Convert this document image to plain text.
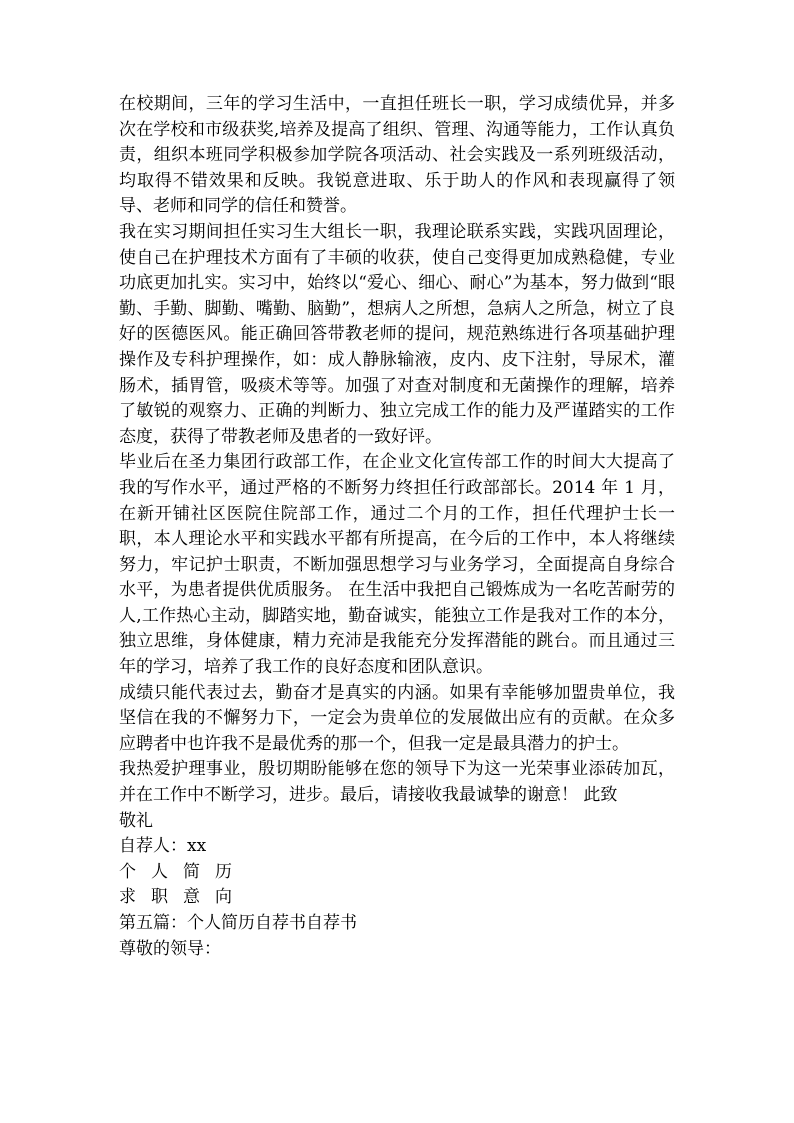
在校期间，三年的学习生活中，一直担任班长一职，学习成绩优异，并多次在学校和市级获奖,培养及提高了组织、管理、沟通等能力，工作认真负责，组织本班同学积极参加学院各项活动、社会实践及一系列班级活动，均取得不错效果和反映。我锐意进取、乐于助人的作风和表现赢得了领导、老师和同学的信任和赞誉。

我在实习期间担任实习生大组长一职，我理论联系实践，实践巩固理论，使自己在护理技术方面有了丰硕的收获，使自己变得更加成熟稳健，专业功底更加扎实。实习中，始终以“爱心、细心、耐心”为基本，努力做到“眼勤、手勤、脚勤、嘴勤、脑勤”，想病人之所想，急病人之所急，树立了良好的医德医风。能正确回答带教老师的提问，规范熟练进行各项基础护理操作及专科护理操作，如：成人静脉输液，皮内、皮下注射，导尿术，灌肠术，插胃管，吸痰术等等。加强了对查对制度和无菌操作的理解，培养了敏锐的观察力、正确的判断力、独立完成工作的能力及严谨踏实的工作态度，获得了带教老师及患者的一致好评。

毕业后在圣力集团行政部工作，在企业文化宣传部工作的时间大大提高了我的写作水平，通过严格的不断努力终担任行政部部长。2014 年 1 月，在新开铺社区医院住院部工作，通过二个月的工作，担任代理护士长一职，本人理论水平和实践水平都有所提高，在今后的工作中，本人将继续努力，牢记护士职责，不断加强思想学习与业务学习，全面提高自身综合水平，为患者提供优质服务。 在生活中我把自己锻炼成为一名吃苦耐劳的人,工作热心主动，脚踏实地，勤奋诚实，能独立工作是我对工作的本分，独立思维，身体健康，精力充沛是我能充分发挥潜能的跳台。而且通过三年的学习，培养了我工作的良好态度和团队意识。

成绩只能代表过去，勤奋才是真实的内涵。如果有幸能够加盟贵单位，我坚信在我的不懈努力下，一定会为贵单位的发展做出应有的贡献。在众多应聘者中也许我不是最优秀的那一个，但我一定是最具潜力的护士。

我热爱护理事业，殷切期盼能够在您的领导下为这一光荣事业添砖加瓦，并在工作中不断学习，进步。最后，请接收我最诚挚的谢意！ 此致

敬礼

自荐人：xx

个人简历

求职意向

第五篇：个人简历自荐书自荐书

尊敬的领导：
